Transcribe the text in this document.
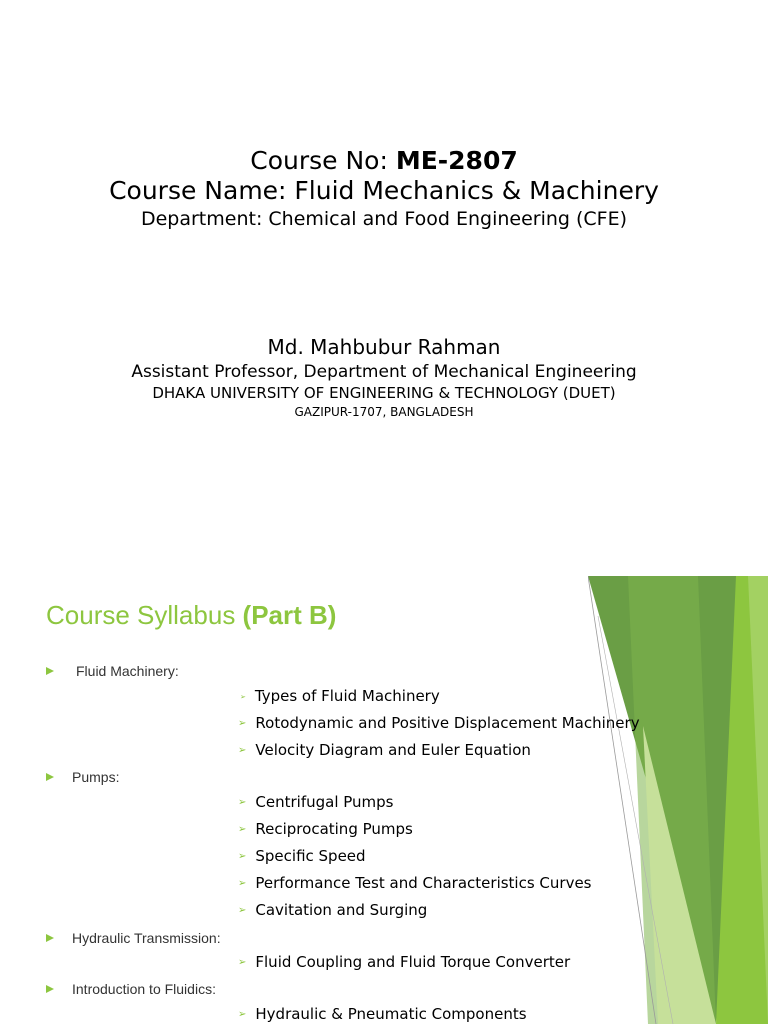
Course No: ME-2807
Course Name: Fluid Mechanics & Machinery
Department: Chemical and Food Engineering (CFE)
Md. Mahbubur Rahman
Assistant Professor, Department of Mechanical Engineering
DHAKA UNIVERSITY OF ENGINEERING & TECHNOLOGY (DUET)
GAZIPUR-1707, BANGLADESH
Course Syllabus (Part B)
Fluid Machinery:
➢ Types of Fluid Machinery
➢ Rotodynamic and Positive Displacement Machinery
➢ Velocity Diagram and Euler Equation
Pumps:
➢ Centrifugal Pumps
➢ Reciprocating Pumps
➢ Specific Speed
➢ Performance Test and Characteristics Curves
➢ Cavitation and Surging
Hydraulic Transmission:
➢ Fluid Coupling and Fluid Torque Converter
Introduction to Fluidics:
➢ Hydraulic & Pneumatic Components
